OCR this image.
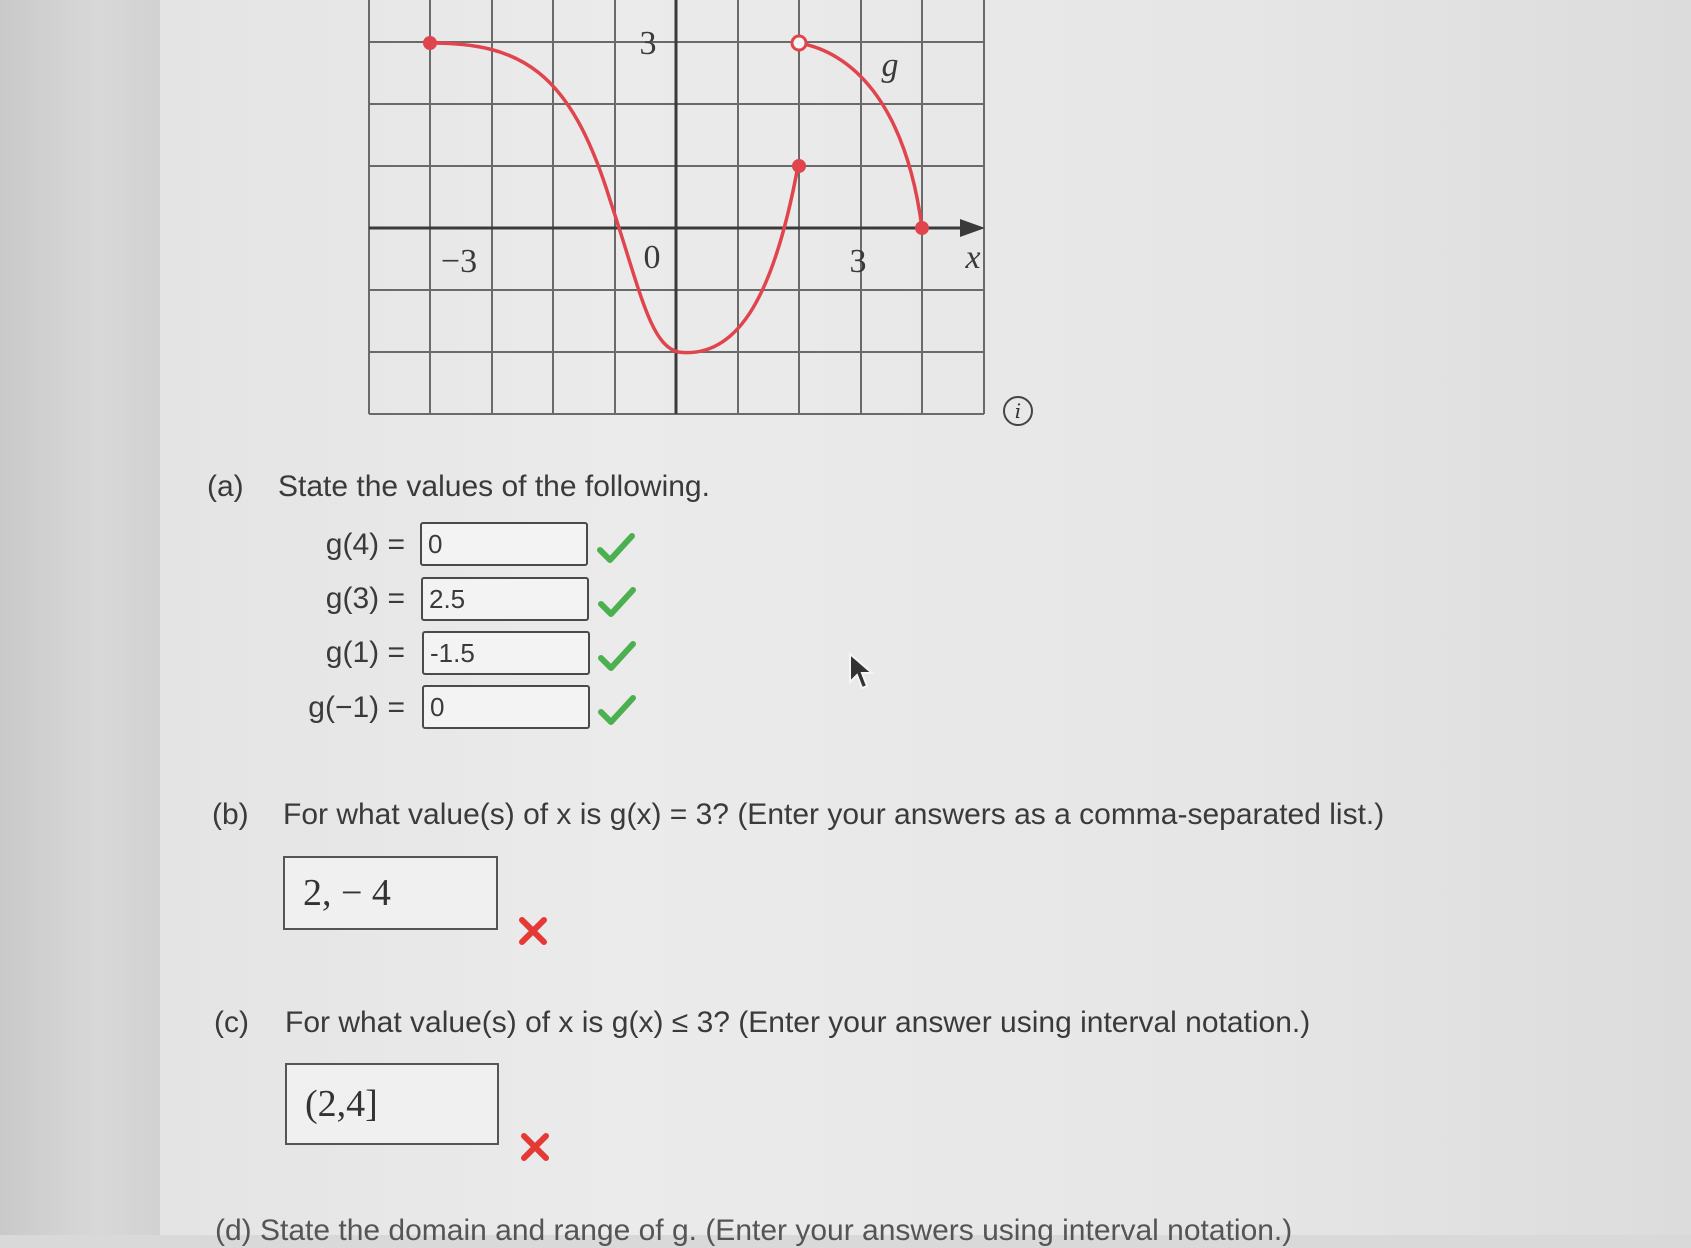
−3	0	3
3
x
g
i
(a) State the values of the following.
g(4) = 0
g(3) = 2.5
g(1) = -1.5
g(−1) = 0
(b) For what value(s) of x is g(x) = 3? (Enter your answers as a comma-separated list.)
2, − 4
(c) For what value(s) of x is g(x) ≤ 3? (Enter your answer using interval notation.)
(2,4]
(d) State the domain and range of g. (Enter your answers using interval notation.)
